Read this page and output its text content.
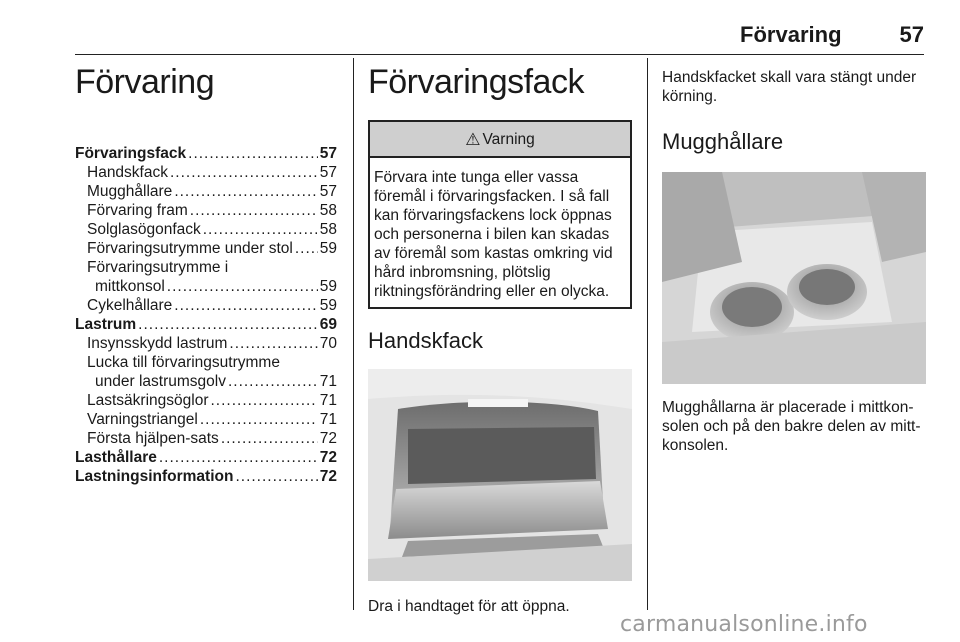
Förvaring	57
Förvaring
Förvaringsfack .....	57
Handskfack .....	57
Mugghållare .....	57
Förvaring fram .....	58
Solglasögonfack .....	58
Förvaringsutrymme under stol ..... 59
Förvaringsutrymme i
mittkonsol .....	59
Cykelhållare .....	59
Lastrum .....	69
Insynsskydd lastrum .....	70
Lucka till förvaringsutrymme
under lastrumsgolv .....	71
Lastsäkringsöglor .....	71
Varningstriangel .....	71
Första hjälpen-sats .....	72
Lasthållare .....	72
Lastningsinformation .....	72
Förvaringsfack
⚠ Varning
Förvara inte tunga eller vassa föremål i förvaringsfacken. I så fall kan förvaringsfackens lock öppnas och personerna i bilen kan skadas av föremål som kastas omkring vid hård inbromsning, plötslig riktningsförändring eller en olycka.
Handskfack

Dra i handtaget för att öppna.

Handskfacket skall vara stängt under körning.

Mugghållare

Mugghållarna är placerade i mittkonsolen och på den bakre delen av mittkonsolen.

carmanualsonline.info
